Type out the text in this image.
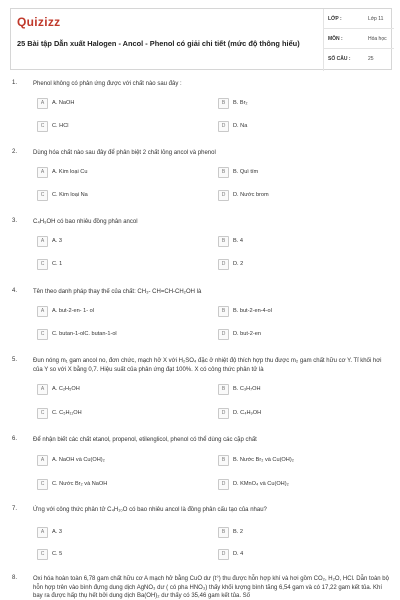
Quizizz
25 Bài tập Dẫn xuất Halogen - Ancol - Phenol có giải chi tiết (mức độ thông hiểu)
LỚP :	Lớp 11
MÔN :	Hóa học
SỐ CÂU :	25
1.	Phenol không có phản ứng được với chất nào sau đây :
A	A. NaOH	B	B. Br₂
C	C. HCl	D	D. Na
2.	Dùng hóa chất nào sau đây để phân biệt 2 chất lỏng ancol và phenol
A	A. Kim loại Cu	B	B. Quì tím
C	C. Kim loại Na	D	D. Nước brom
3.	C₄H₉OH có bao nhiêu đồng phân ancol
A	A. 3	B	B. 4
C	C. 1	D	D. 2
4.	Tên theo danh pháp thay thế của chất: CH₃- CH=CH-CH₂OH là
A	A. but-2-en- 1- ol	B	B. but-2-en-4-ol
C	C. butan-1-olC. butan-1-ol	D	D. but-2-en
5.	Đun nóng m₁ gam ancol no, đơn chức, mạch hở X với H₂SO₄ đặc ở nhiệt độ thích hợp thu được m₂ gam chất hữu cơ Y. Tỉ khối hơi của Y so với X bằng 0,7. Hiệu suất của phản ứng đạt 100%. X có công thức phân tử là
A	A. C₂H₅OH	B	B. C₃H₇OH
C	C. C₅H₁₁OH	D	D. C₄H₉OH
6.	Để nhận biết các chất etanol, propenol, etilenglicol, phenol có thể dùng các cặp chất
A	A. NaOH và Cu(OH)₂	B	B. Nước Br₂ và Cu(OH)₂
C	C. Nước Br₂ và NaOH	D	D. KMnO₄ và Cu(OH)₂
7.	Ứng với công thức phân tử C₄H₁₀O có bao nhiêu ancol là đồng phân cấu tạo của nhau?
A	A. 3	B	B. 2
C	C. 5	D	D. 4
8.	Oxi hóa hoàn toàn 6,78 gam chất hữu cơ A mạch hở bằng CuO dư (t°) thu được hỗn hợp khí và hơi gồm CO₂, H₂O, HCl. Dẫn toàn bộ hỗn hợp trên vào bình đựng dung dịch AgNO₃ dư ( có pha HNO₃) thấy khối lượng bình tăng 6,54 gam và có 17,22 gam kết tủa. Khí bay ra được hấp thụ hết bởi dung dịch Ba(OH)₂ dư thấy có 35,46 gam kết tủa. Số
